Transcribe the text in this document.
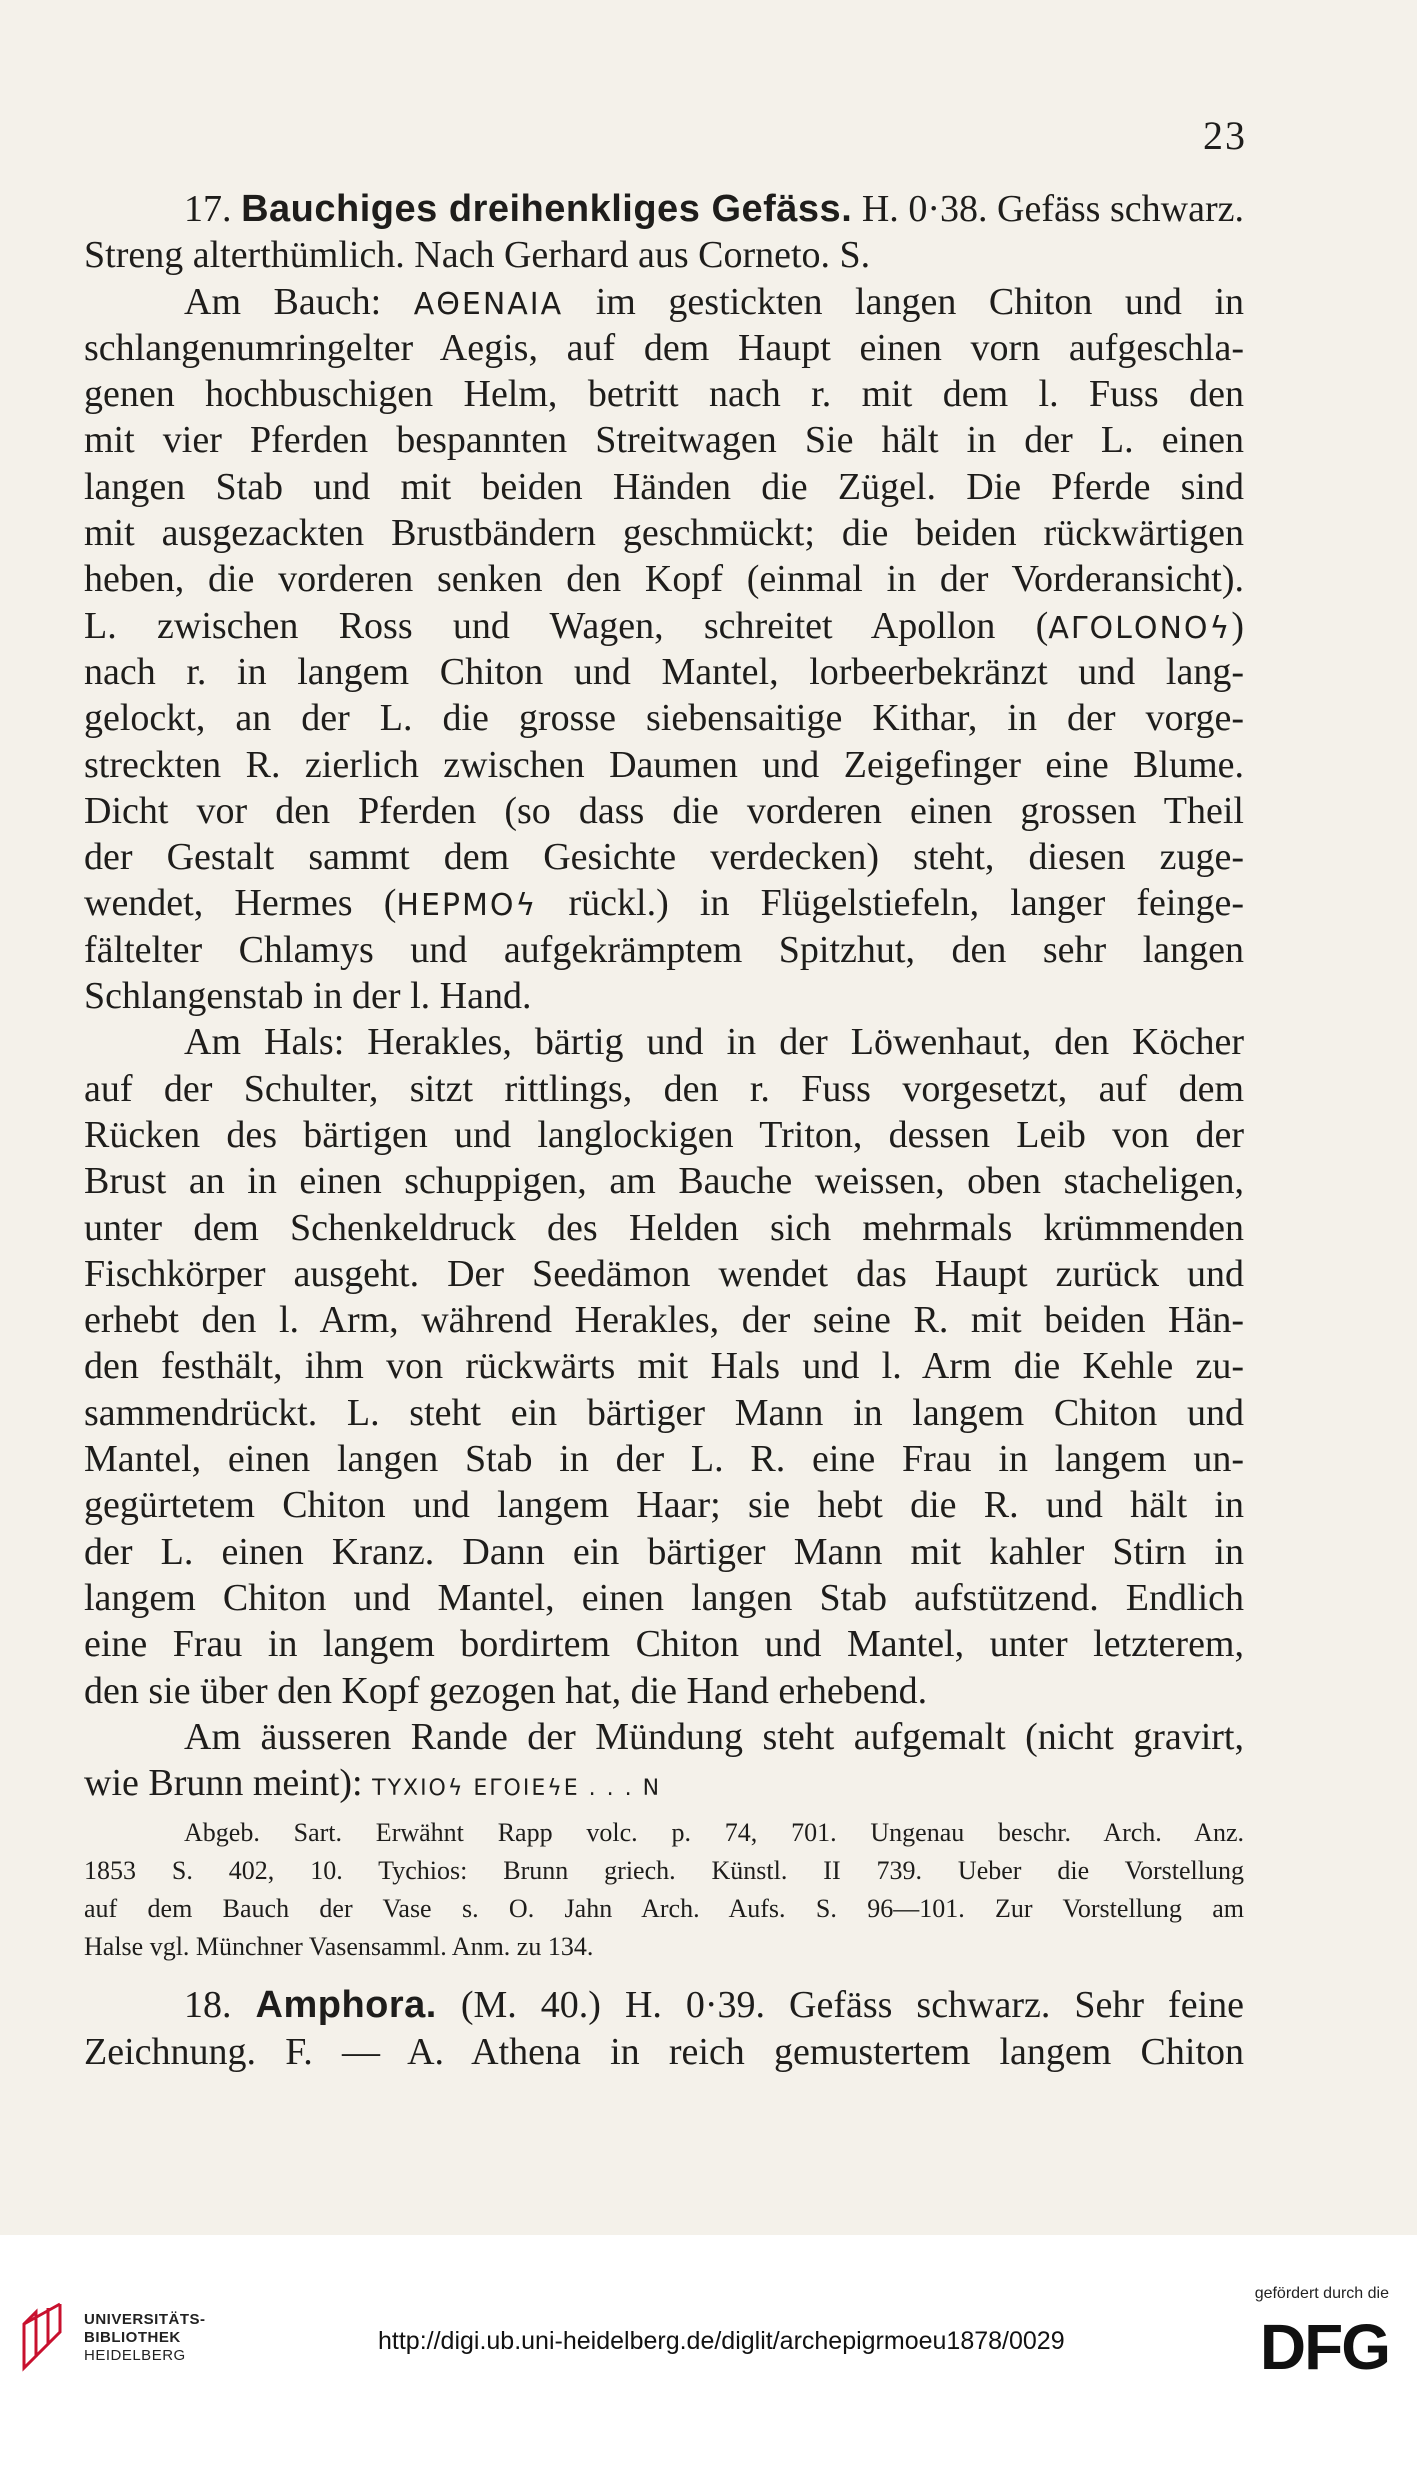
23
17. Bauchiges dreihenkliges Gefäss. H. 0·38. Gefäss schwarz.
Streng alterthümlich. Nach Gerhard aus Corneto. S.
Am Bauch: ΑΘΕΝΑΙΑ im gestickten langen Chiton und in
schlangenumringelter Aegis, auf dem Haupt einen vorn aufgeschla-
genen hochbuschigen Helm, betritt nach r. mit dem l. Fuss den
mit vier Pferden bespannten Streitwagen Sie hält in der L. einen
langen Stab und mit beiden Händen die Zügel. Die Pferde sind
mit ausgezackten Brustbändern geschmückt; die beiden rückwärtigen
heben, die vorderen senken den Kopf (einmal in der Vorderansicht).
L. zwischen Ross und Wagen, schreitet Apollon (ΑΓΟLΟΝΟϟ)
nach r. in langem Chiton und Mantel, lorbeerbekränzt und lang-
gelockt, an der L. die grosse siebensaitige Kithar, in der vorge-
streckten R. zierlich zwischen Daumen und Zeigefinger eine Blume.
Dicht vor den Pferden (so dass die vorderen einen grossen Theil
der Gestalt sammt dem Gesichte verdecken) steht, diesen zuge-
wendet, Hermes (ΗΕΡΜΟϟ rückl.) in Flügelstiefeln, langer feinge-
fältelter Chlamys und aufgekrämptem Spitzhut, den sehr langen
Schlangenstab in der l. Hand.
Am Hals: Herakles, bärtig und in der Löwenhaut, den Köcher
auf der Schulter, sitzt rittlings, den r. Fuss vorgesetzt, auf dem
Rücken des bärtigen und langlockigen Triton, dessen Leib von der
Brust an in einen schuppigen, am Bauche weissen, oben stacheligen,
unter dem Schenkeldruck des Helden sich mehrmals krümmenden
Fischkörper ausgeht. Der Seedämon wendet das Haupt zurück und
erhebt den l. Arm, während Herakles, der seine R. mit beiden Hän-
den festhält, ihm von rückwärts mit Hals und l. Arm die Kehle zu-
sammendrückt. L. steht ein bärtiger Mann in langem Chiton und
Mantel, einen langen Stab in der L. R. eine Frau in langem un-
gegürtetem Chiton und langem Haar; sie hebt die R. und hält in
der L. einen Kranz. Dann ein bärtiger Mann mit kahler Stirn in
langem Chiton und Mantel, einen langen Stab aufstützend. Endlich
eine Frau in langem bordirtem Chiton und Mantel, unter letzterem,
den sie über den Kopf gezogen hat, die Hand erhebend.
Am äusseren Rande der Mündung steht aufgemalt (nicht gravirt,
wie Brunn meint): ΤΥΧΙΟϟ ΕΓΟΙΕϟΕ . . . Ν
Abgeb. Sart. Erwähnt Rapp volc. p. 74, 701. Ungenau beschr. Arch. Anz.
1853 S. 402, 10. Tychios: Brunn griech. Künstl. II 739. Ueber die Vorstellung
auf dem Bauch der Vase s. O. Jahn Arch. Aufs. S. 96—101. Zur Vorstellung am
Halse vgl. Münchner Vasensamml. Anm. zu 134.
18. Amphora. (M. 40.) H. 0·39. Gefäss schwarz. Sehr feine
Zeichnung. F. — A. Athena in reich gemustertem langem Chiton
UNIVERSITÄTS-
BIBLIOTHEK
HEIDELBERG
http://digi.ub.uni-heidelberg.de/diglit/archepigrmoeu1878/0029
gefördert durch die
DFG
